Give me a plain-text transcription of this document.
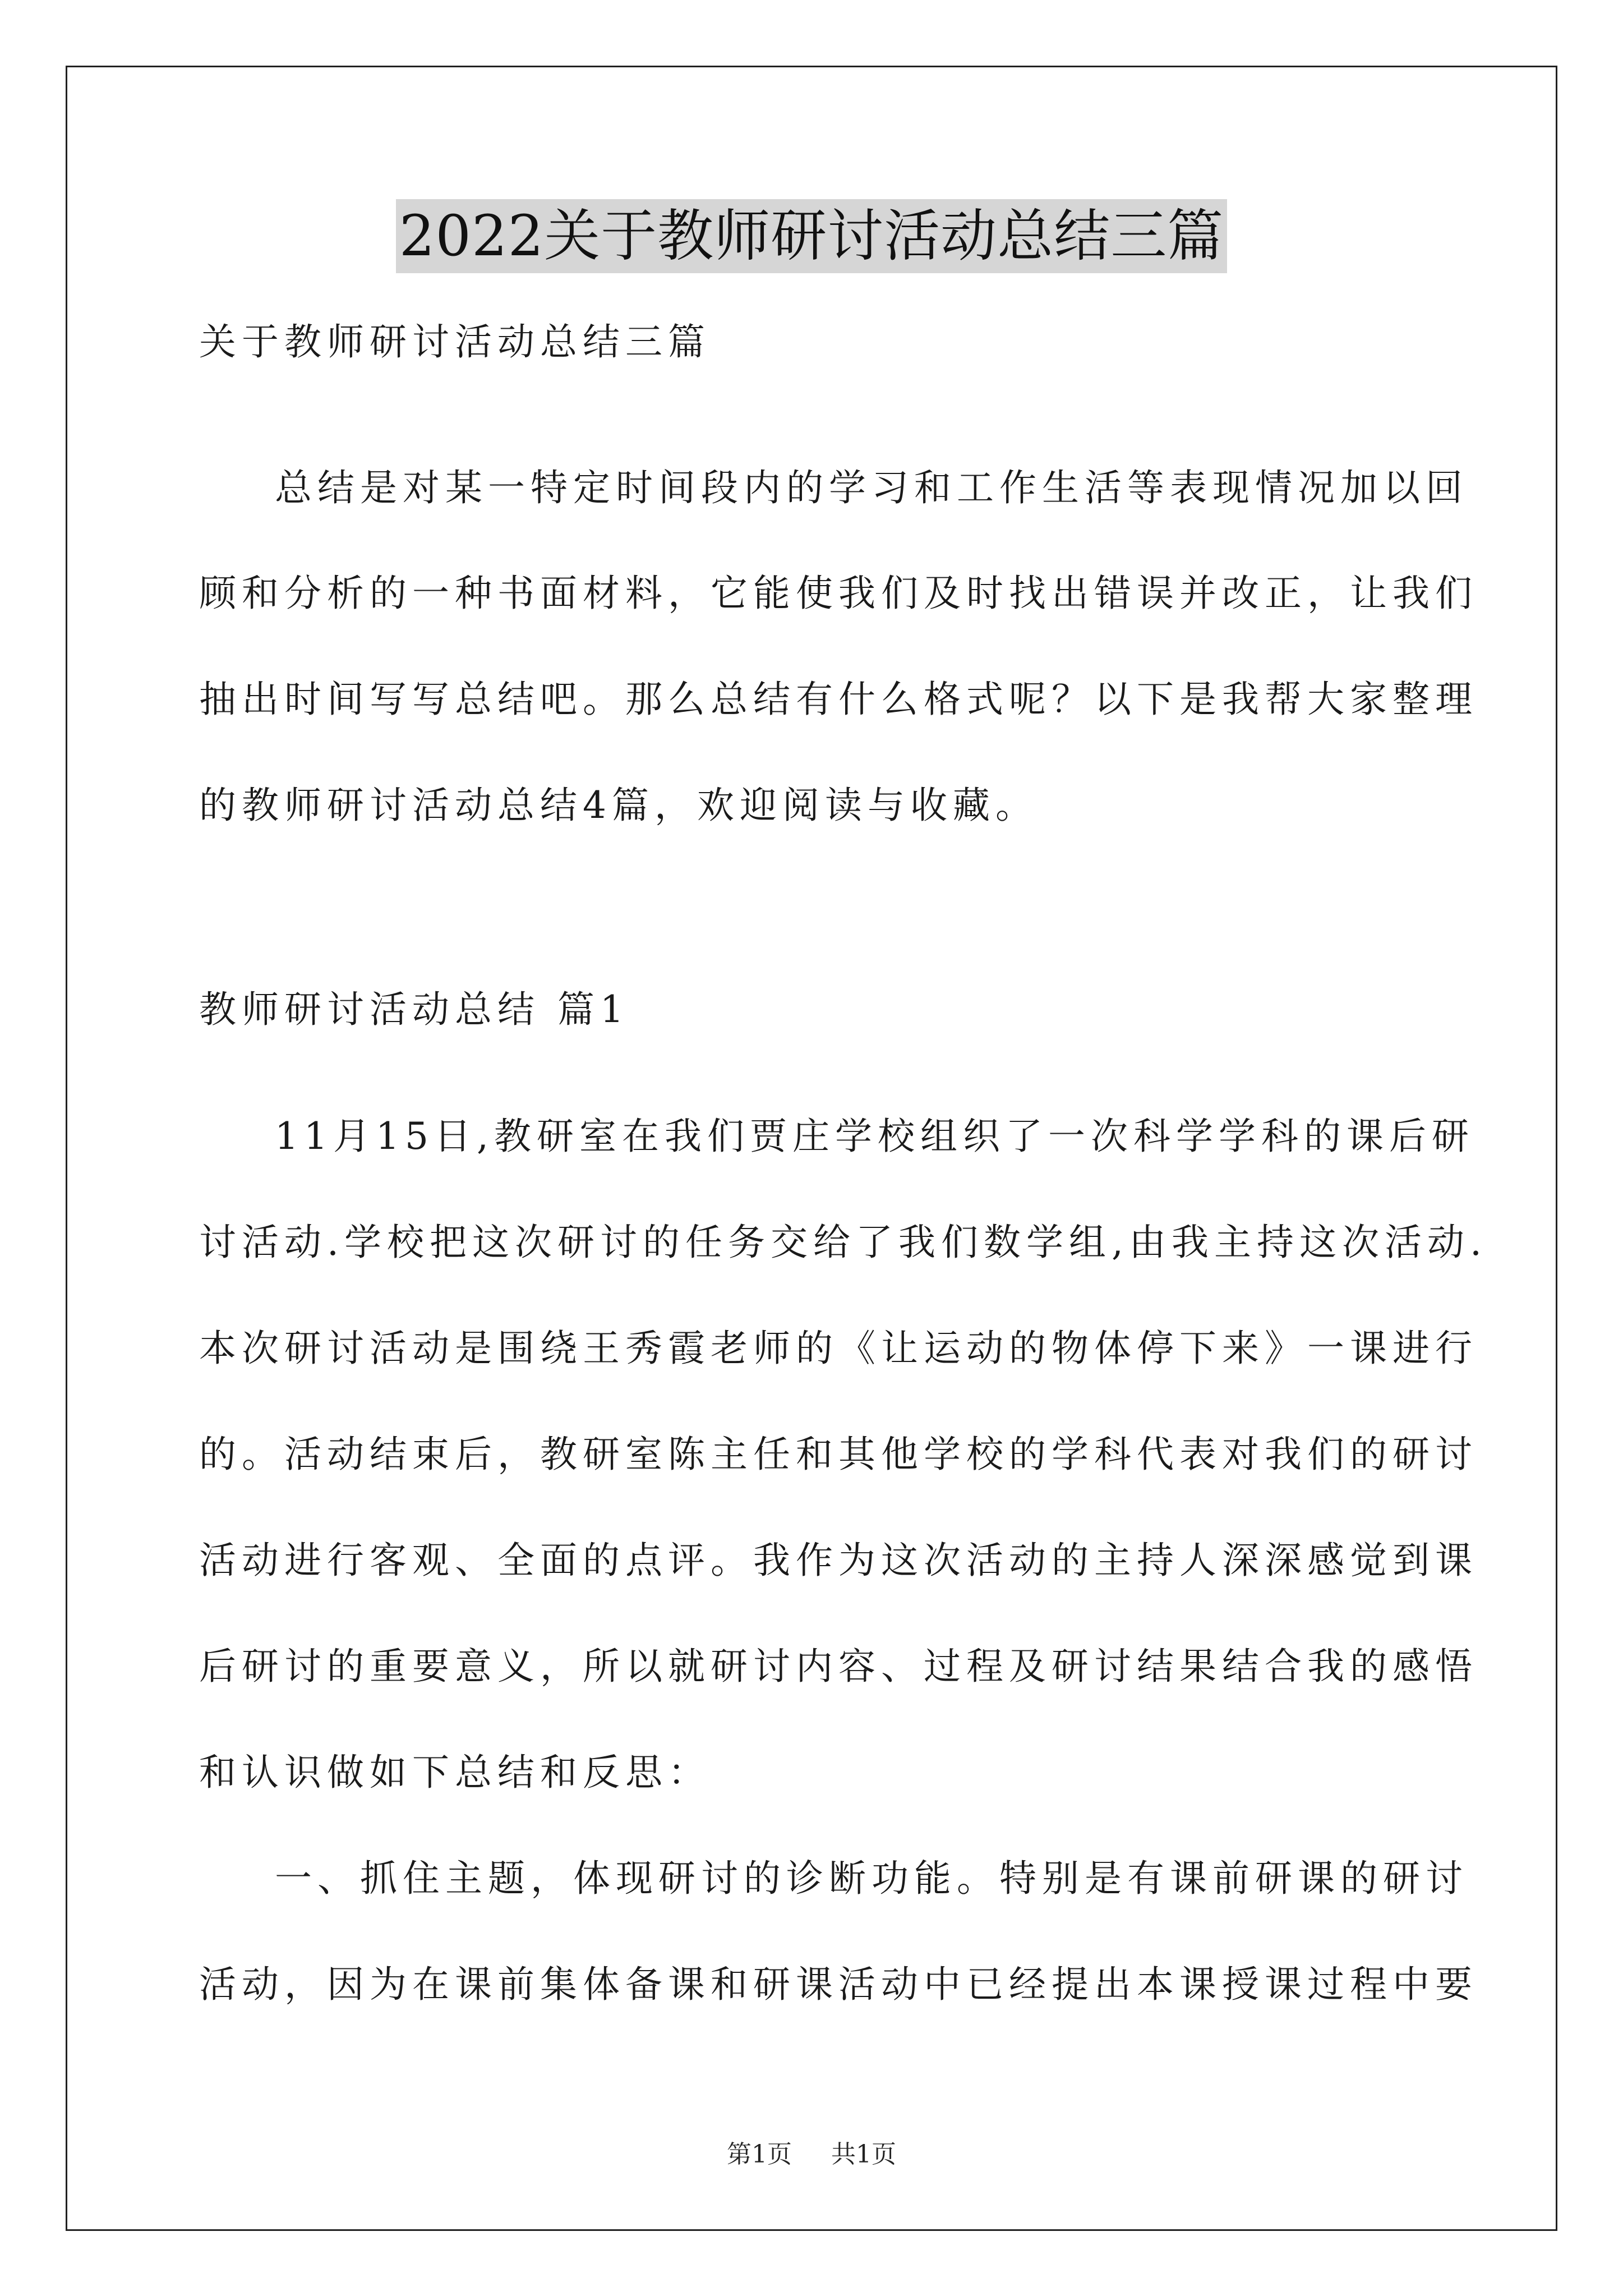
2022关于教师研讨活动总结三篇
关于教师研讨活动总结三篇
总结是对某一特定时间段内的学习和工作生活等表现情况加以回
顾和分析的一种书面材料，它能使我们及时找出错误并改正，让我们
抽出时间写写总结吧。那么总结有什么格式呢？以下是我帮大家整理
的教师研讨活动总结4篇，欢迎阅读与收藏。
教师研讨活动总结 篇1
11月15日,教研室在我们贾庄学校组织了一次科学学科的课后研
讨活动.学校把这次研讨的任务交给了我们数学组,由我主持这次活动.
本次研讨活动是围绕王秀霞老师的《让运动的物体停下来》一课进行
的。活动结束后，教研室陈主任和其他学校的学科代表对我们的研讨
活动进行客观、全面的点评。我作为这次活动的主持人深深感觉到课
后研讨的重要意义，所以就研讨内容、过程及研讨结果结合我的感悟
和认识做如下总结和反思：
一、抓住主题，体现研讨的诊断功能。特别是有课前研课的研讨
活动，因为在课前集体备课和研课活动中已经提出本课授课过程中要
第1页 共1页
